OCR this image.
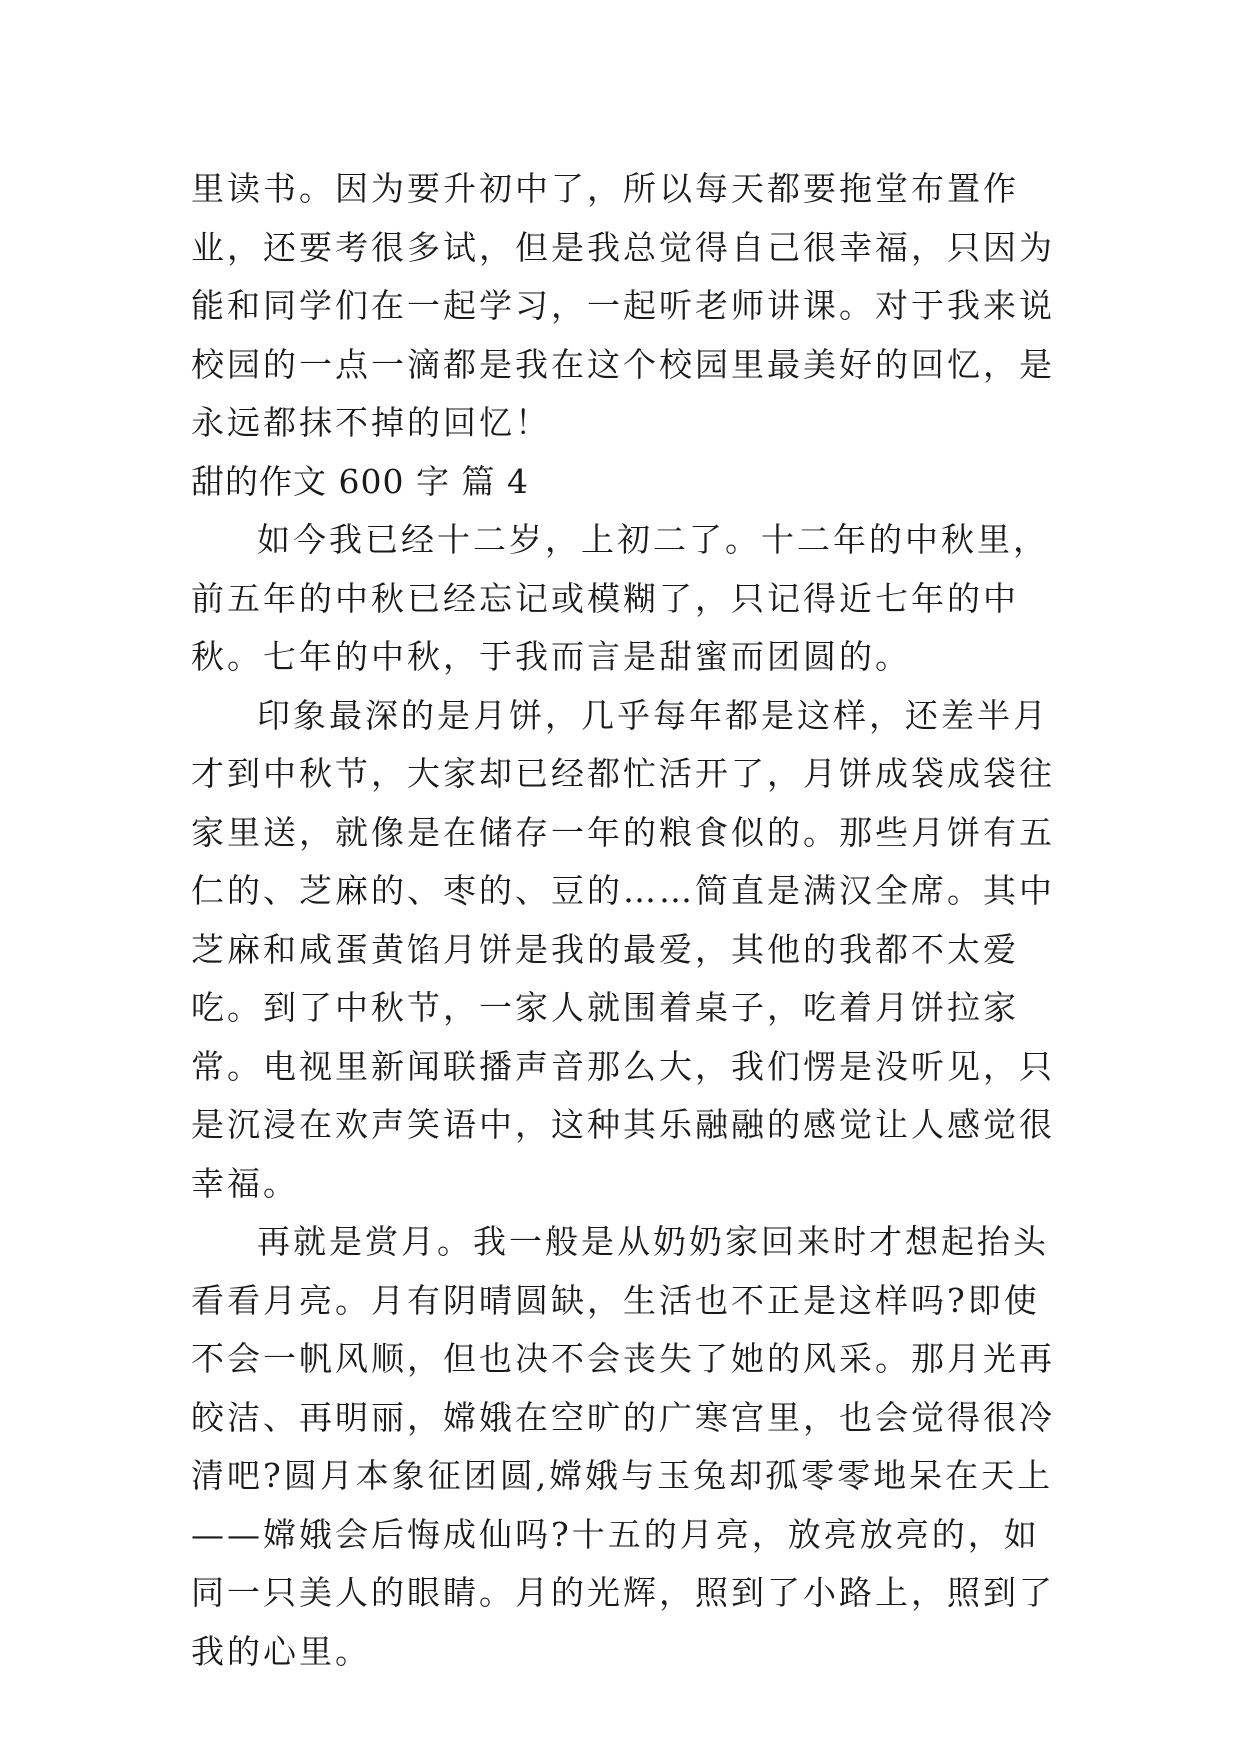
里读书。因为要升初中了，所以每天都要拖堂布置作业，还要考很多试，但是我总觉得自己很幸福，只因为能和同学们在一起学习，一起听老师讲课。对于我来说校园的一点一滴都是我在这个校园里最美好的回忆，是永远都抹不掉的回忆！

甜的作文 600 字 篇 4

如今我已经十二岁，上初二了。十二年的中秋里，前五年的中秋已经忘记或模糊了，只记得近七年的中秋。七年的中秋，于我而言是甜蜜而团圆的。

印象最深的是月饼，几乎每年都是这样，还差半月才到中秋节，大家却已经都忙活开了，月饼成袋成袋往家里送，就像是在储存一年的粮食似的。那些月饼有五仁的、芝麻的、枣的、豆的……简直是满汉全席。其中芝麻和咸蛋黄馅月饼是我的最爱，其他的我都不太爱吃。到了中秋节，一家人就围着桌子，吃着月饼拉家常。电视里新闻联播声音那么大，我们愣是没听见，只是沉浸在欢声笑语中，这种其乐融融的感觉让人感觉很幸福。

再就是赏月。我一般是从奶奶家回来时才想起抬头看看月亮。月有阴晴圆缺，生活也不正是这样吗?即使不会一帆风顺，但也决不会丧失了她的风采。那月光再皎洁、再明丽，嫦娥在空旷的广寒宫里，也会觉得很冷清吧?圆月本象征团圆,嫦娥与玉兔却孤零零地呆在天上——嫦娥会后悔成仙吗?十五的月亮，放亮放亮的，如同一只美人的眼睛。月的光辉，照到了小路上，照到了我的心里。
